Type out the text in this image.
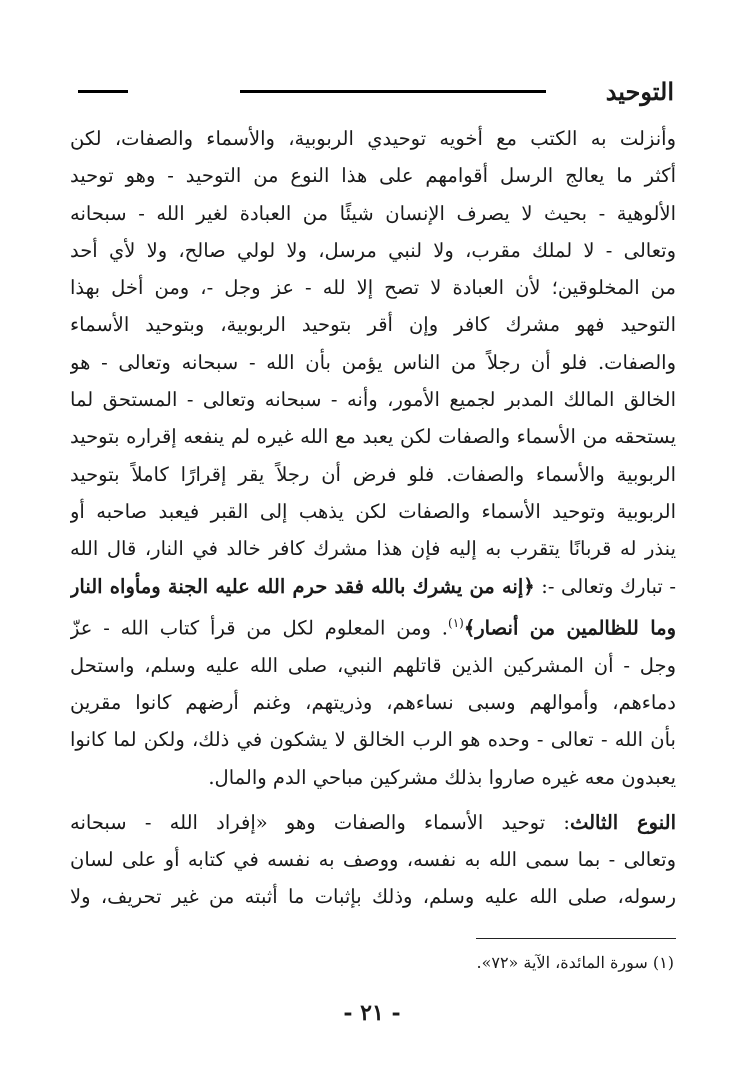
التوحيد
وأنزلت به الكتب مع أخويه توحيدي الربوبية، والأسماء والصفات، لكن
أكثر ما يعالج الرسل أقوامهم على هذا النوع من التوحيد - وهو توحيد
الألوهية - بحيث لا يصرف الإنسان شيئًا من العبادة لغير الله - سبحانه
وتعالى - لا لملك مقرب، ولا لنبي مرسل، ولا لولي صالح، ولا لأي أحد
من المخلوقين؛ لأن العبادة لا تصح إلا لله - عز وجل -، ومن أخل بهذا
التوحيد فهو مشرك كافر وإن أقر بتوحيد الربوبية، وبتوحيد الأسماء
والصفات. فلو أن رجلاً من الناس يؤمن بأن الله - سبحانه وتعالى - هو
الخالق المالك المدبر لجميع الأمور، وأنه - سبحانه وتعالى - المستحق لما
يستحقه من الأسماء والصفات لكن يعبد مع الله غيره لم ينفعه إقراره بتوحيد
الربوبية والأسماء والصفات. فلو فرض أن رجلاً يقر إقرارًا كاملاً بتوحيد
الربوبية وتوحيد الأسماء والصفات لكن يذهب إلى القبر فيعبد صاحبه أو
ينذر له قربانًا يتقرب به إليه فإن هذا مشرك كافر خالد في النار، قال الله
- تبارك وتعالى -: ﴿إنه من يشرك بالله فقد حرم الله عليه الجنة ومأواه النار
وما للظالمين من أنصار﴾$^{(١)}$. ومن المعلوم لكل من قرأ كتاب الله - عزّ
وجل - أن المشركين الذين قاتلهم النبي، صلى الله عليه وسلم، واستحل
دماءهم، وأموالهم وسبى نساءهم، وذريتهم، وغنم أرضهم كانوا مقرين
بأن الله - تعالى - وحده هو الرب الخالق لا يشكون في ذلك، ولكن لما كانوا
يعبدون معه غيره صاروا بذلك مشركين مباحي الدم والمال.
النوع الثالث: توحيد الأسماء والصفات وهو «إفراد الله - سبحانه
وتعالى - بما سمى الله به نفسه، ووصف به نفسه في كتابه أو على لسان
رسوله، صلى الله عليه وسلم، وذلك بإثبات ما أثبته من غير تحريف، ولا
(١) سورة المائدة، الآية «٧٢».
- ٢١ -
